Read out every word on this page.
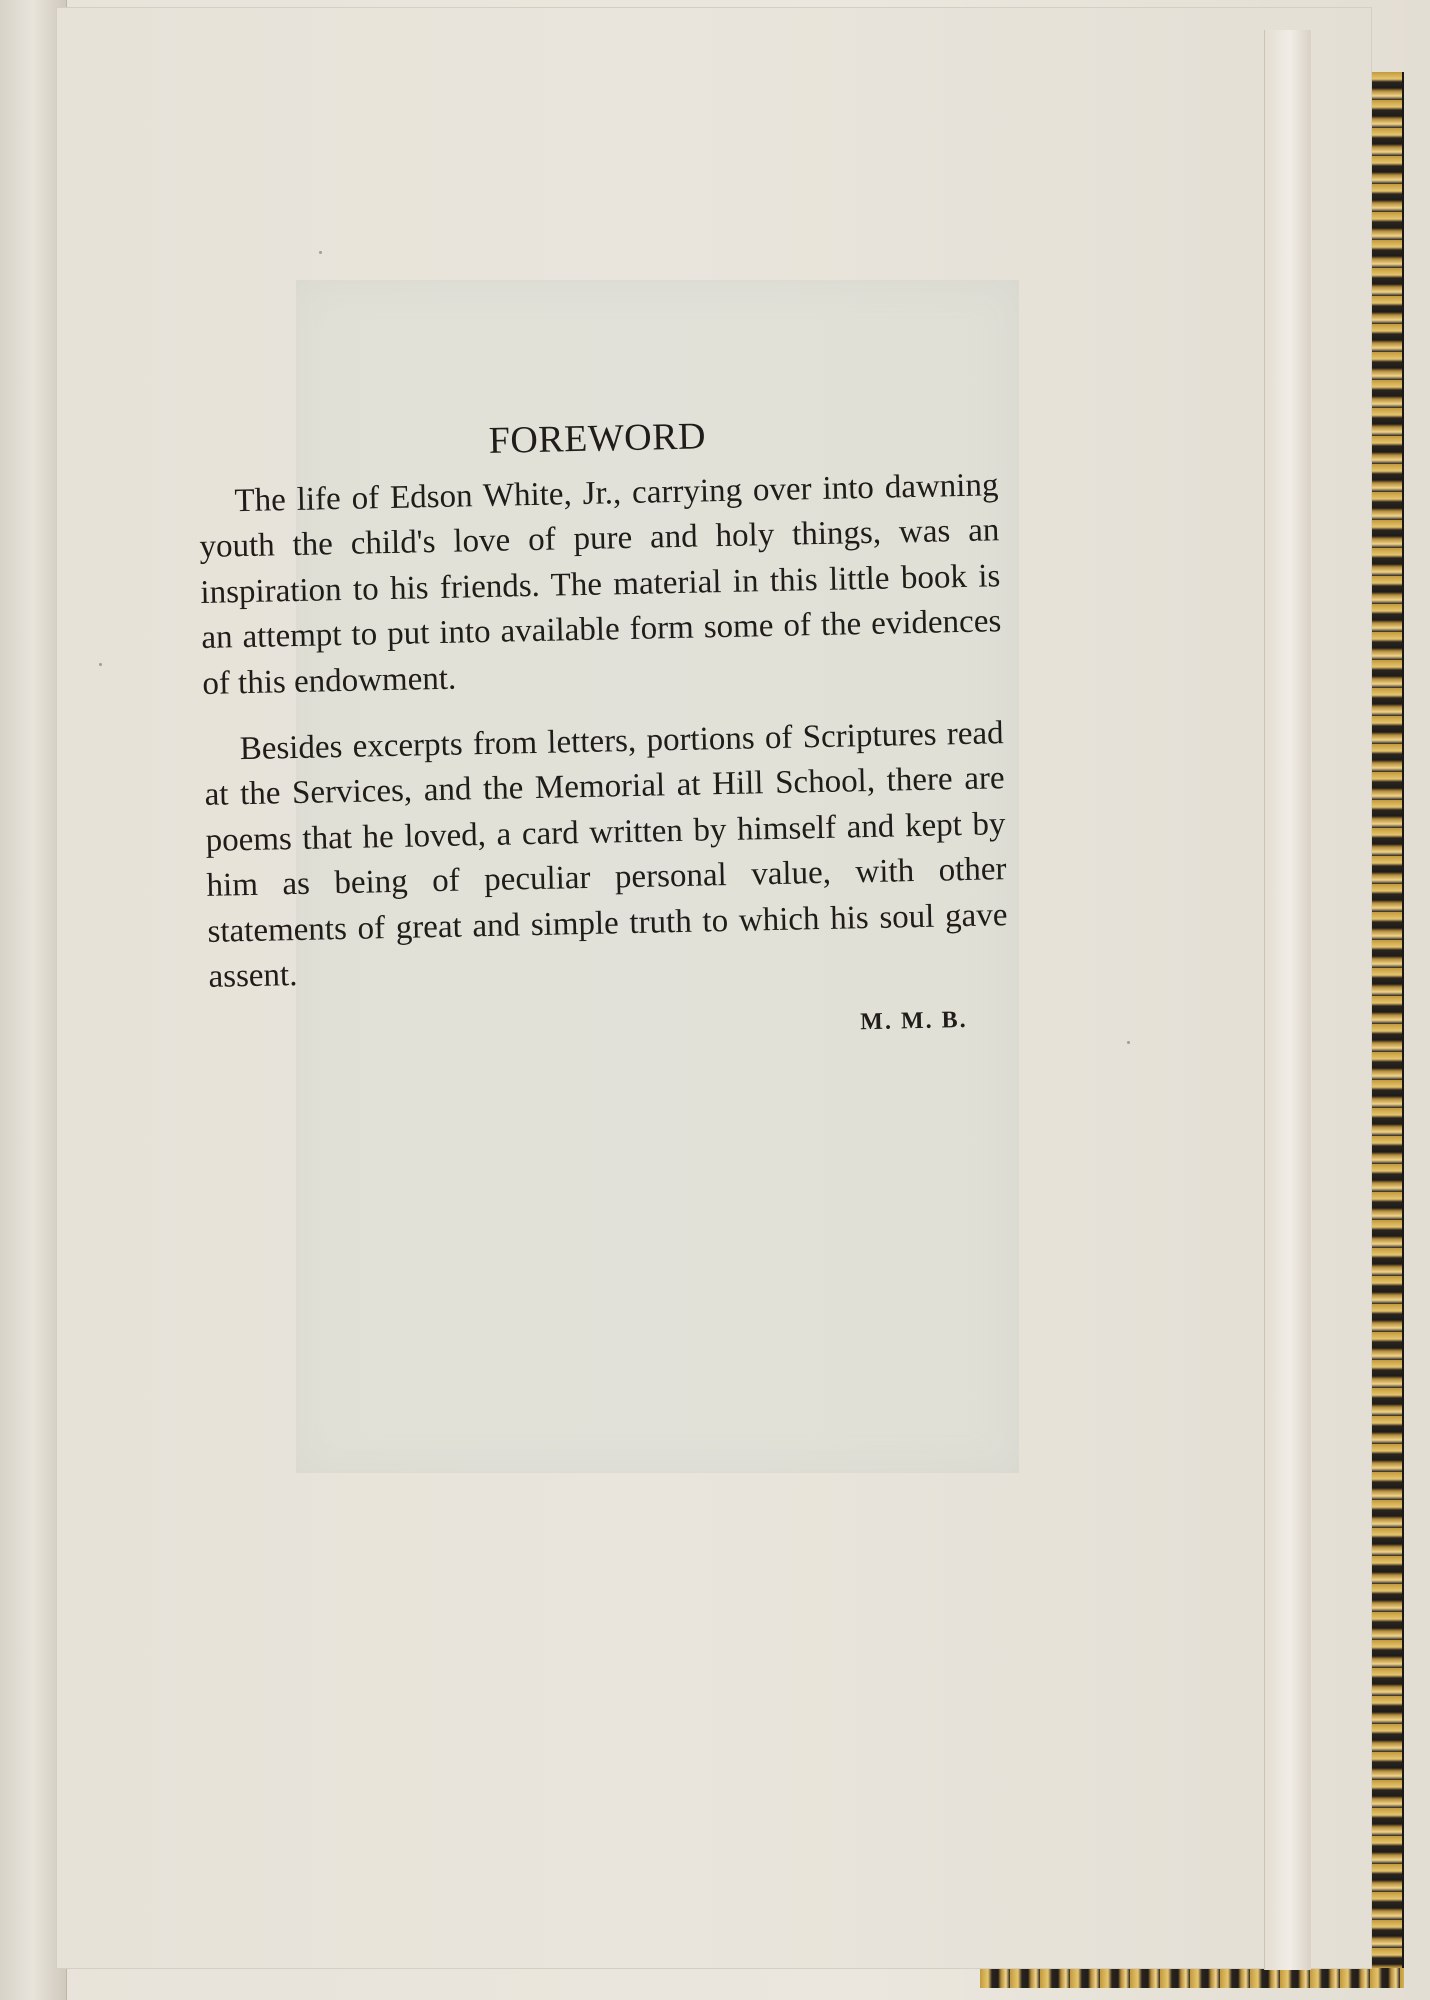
FOREWORD

The life of Edson White, Jr., carrying over into dawning youth the child's love of pure and holy things, was an inspiration to his friends. The material in this little book is an attempt to put into available form some of the evidences of this endowment.

Besides excerpts from letters, portions of Scriptures read at the Services, and the Memorial at Hill School, there are poems that he loved, a card written by himself and kept by him as being of peculiar personal value, with other statements of great and simple truth to which his soul gave assent.

M. M. B.
